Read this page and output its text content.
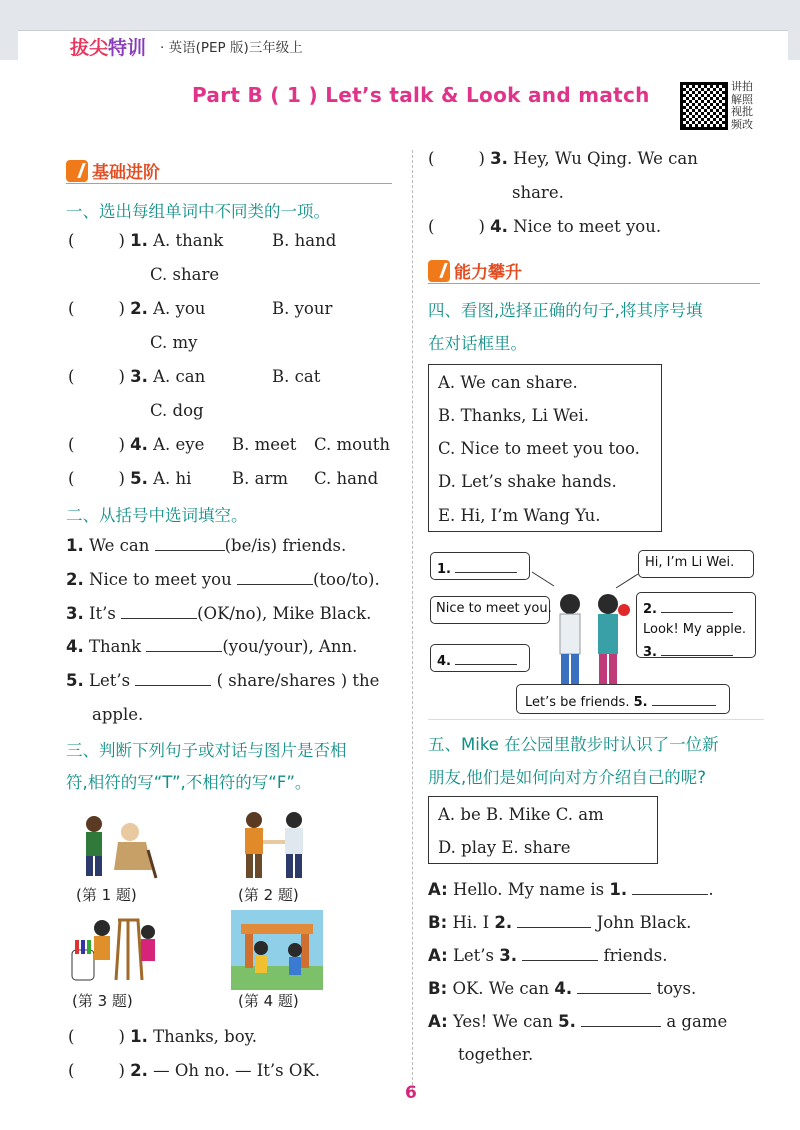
拔尖特训 · 英语(PEP 版)三年级上
Part B ( 1 ) Let’s talk & Look and match	讲拍解照视批频改
基础进阶
一、选出每组单词中不同类的一项。
(	) 1. A. thank	B. hand
C. share
(	) 2. A. you	B. your
C. my
(	) 3. A. can	B. cat
C. dog
(	) 4. A. eye B. meet C. mouth
(	) 5. A. hi B. arm C. hand
二、从括号中选词填空。
1. We can	(be/is) friends.
2. Nice to meet you	(too/to).
3. It’s	(OK/no), Mike Black.
4. Thank	(you/your), Ann.
5. Let’s	( share/shares ) the
apple.
三、判断下列句子或对话与图片是否相
符,相符的写“T”,不相符的写“F”。
(第 1 题)	(第 2 题)
(第 3 题)	(第 4 题)
(	) 1. Thanks, boy.
(	) 2. — Oh no. — It’s OK.
(	) 3. Hey, Wu Qing. We can
share.
(	) 4. Nice to meet you.
能力攀升
四、看图,选择正确的句子,将其序号填
在对话框里。
A. We can share.
B. Thanks, Li Wei.
C. Nice to meet you too.
D. Let’s shake hands.
E. Hi, I’m Wang Yu.
1.	Hi, I’m Li Wei.
Nice to meet you.	2.
Look! My apple.
3.
4.
Let’s be friends. 5.
五、Mike 在公园里散步时认识了一位新
朋友,他们是如何向对方介绍自己的呢?
A. be B. Mike C. am
D. play E. share
A: Hello. My name is 1.	.
B: Hi. I 2.	John Black.
A: Let’s 3.	friends.
B: OK. We can 4.	toys.
A: Yes! We can 5.	a game
together.
6
